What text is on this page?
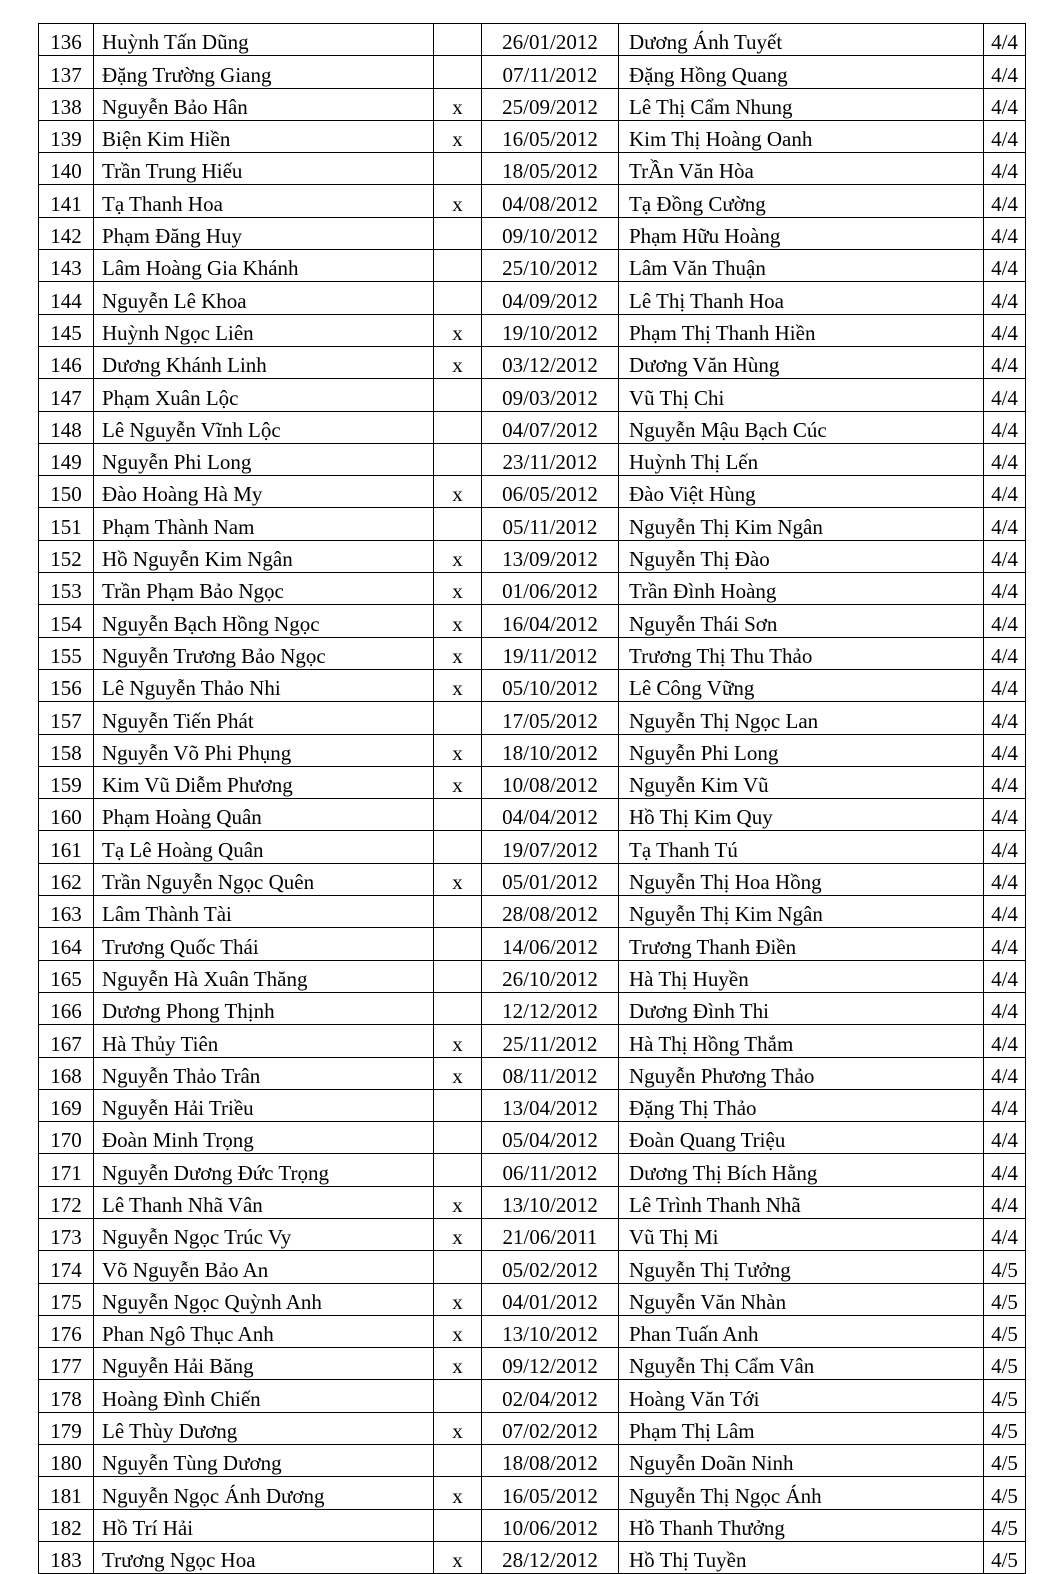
136	Huỳnh Tấn Dũng		26/01/2012	Dương Ánh Tuyết	4/4
137	Đặng Trường Giang		07/11/2012	Đặng Hồng Quang	4/4
138	Nguyễn Bảo Hân	x	25/09/2012	Lê Thị Cẩm Nhung	4/4
139	Biện Kim Hiền	x	16/05/2012	Kim Thị Hoàng Oanh	4/4
140	Trần Trung Hiếu		18/05/2012	TrẦn Văn Hòa	4/4
141	Tạ Thanh Hoa	x	04/08/2012	Tạ Đồng Cường	4/4
142	Phạm Đăng Huy		09/10/2012	Phạm Hữu Hoàng	4/4
143	Lâm Hoàng Gia Khánh		25/10/2012	Lâm Văn Thuận	4/4
144	Nguyễn Lê Khoa		04/09/2012	Lê Thị Thanh Hoa	4/4
145	Huỳnh Ngọc Liên	x	19/10/2012	Phạm Thị Thanh Hiền	4/4
146	Dương Khánh Linh	x	03/12/2012	Dương Văn Hùng	4/4
147	Phạm Xuân Lộc		09/03/2012	Vũ Thị Chi	4/4
148	Lê Nguyễn Vĩnh Lộc		04/07/2012	Nguyễn Mậu Bạch Cúc	4/4
149	Nguyễn Phi Long		23/11/2012	Huỳnh Thị Lến	4/4
150	Đào Hoàng Hà My	x	06/05/2012	Đào Việt Hùng	4/4
151	Phạm Thành Nam		05/11/2012	Nguyễn Thị Kim Ngân	4/4
152	Hồ Nguyễn Kim Ngân	x	13/09/2012	Nguyễn Thị Đào	4/4
153	Trần Phạm Bảo Ngọc	x	01/06/2012	Trần Đình Hoàng	4/4
154	Nguyễn Bạch Hồng Ngọc	x	16/04/2012	Nguyễn Thái Sơn	4/4
155	Nguyễn Trương Bảo Ngọc	x	19/11/2012	Trương Thị Thu Thảo	4/4
156	Lê Nguyễn Thảo Nhi	x	05/10/2012	Lê Công Vững	4/4
157	Nguyễn Tiến Phát		17/05/2012	Nguyễn Thị Ngọc Lan	4/4
158	Nguyễn Võ Phi Phụng	x	18/10/2012	Nguyễn Phi Long	4/4
159	Kim Vũ Diễm Phương	x	10/08/2012	Nguyễn Kim Vũ	4/4
160	Phạm Hoàng Quân		04/04/2012	Hồ Thị Kim Quy	4/4
161	Tạ Lê Hoàng Quân		19/07/2012	Tạ Thanh Tú	4/4
162	Trần Nguyễn Ngọc Quên	x	05/01/2012	Nguyễn Thị Hoa Hồng	4/4
163	Lâm Thành Tài		28/08/2012	Nguyễn Thị Kim Ngân	4/4
164	Trương Quốc Thái		14/06/2012	Trương Thanh Điền	4/4
165	Nguyễn Hà Xuân Thăng		26/10/2012	Hà Thị Huyền	4/4
166	Dương Phong Thịnh		12/12/2012	Dương Đình Thi	4/4
167	Hà Thủy Tiên	x	25/11/2012	Hà Thị Hồng Thắm	4/4
168	Nguyễn Thảo Trân	x	08/11/2012	Nguyễn Phương Thảo	4/4
169	Nguyễn Hải Triều		13/04/2012	Đặng Thị Thảo	4/4
170	Đoàn Minh Trọng		05/04/2012	Đoàn Quang Triệu	4/4
171	Nguyễn Dương Đức Trọng		06/11/2012	Dương Thị Bích Hằng	4/4
172	Lê Thanh Nhã Vân	x	13/10/2012	Lê Trình Thanh Nhã	4/4
173	Nguyễn Ngọc Trúc Vy	x	21/06/2011	Vũ Thị Mi	4/4
174	Võ Nguyễn Bảo An		05/02/2012	Nguyễn Thị Tưởng	4/5
175	Nguyễn Ngọc Quỳnh Anh	x	04/01/2012	Nguyễn Văn Nhàn	4/5
176	Phan Ngô Thục Anh	x	13/10/2012	Phan Tuấn Anh	4/5
177	Nguyễn Hải Băng	x	09/12/2012	Nguyễn Thị Cẩm Vân	4/5
178	Hoàng Đình Chiến		02/04/2012	Hoàng Văn Tới	4/5
179	Lê Thùy Dương	x	07/02/2012	Phạm Thị Lâm	4/5
180	Nguyễn Tùng Dương		18/08/2012	Nguyễn Doãn Ninh	4/5
181	Nguyễn Ngọc Ánh Dương	x	16/05/2012	Nguyễn Thị Ngọc Ánh	4/5
182	Hồ Trí Hải		10/06/2012	Hồ Thanh Thưởng	4/5
183	Trương Ngọc Hoa	x	28/12/2012	Hồ Thị Tuyền	4/5
